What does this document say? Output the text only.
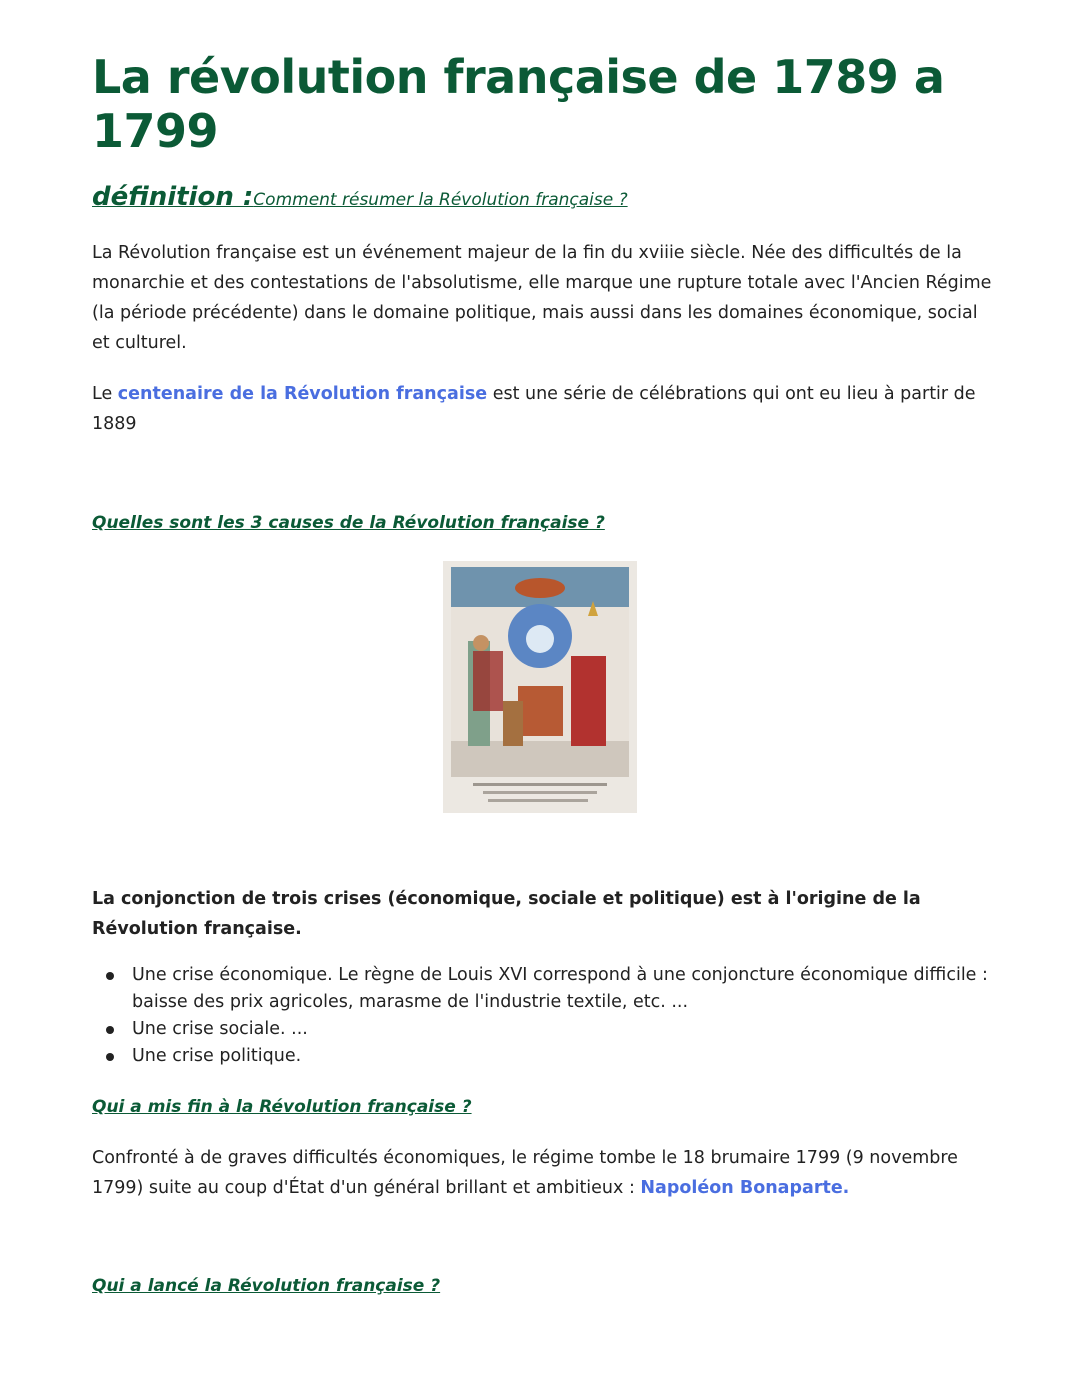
La révolution française de 1789 a 1799
définition :Comment résumer la Révolution française ?

La Révolution française est un événement majeur de la fin du xviiie siècle. Née des difficultés de la monarchie et des contestations de l'absolutisme, elle marque une rupture totale avec l'Ancien Régime (la période précédente) dans le domaine politique, mais aussi dans les domaines économique, social et culturel.

Le centenaire de la Révolution française est une série de célébrations qui ont eu lieu à partir de 1889

Quelles sont les 3 causes de la Révolution française ?

La conjonction de trois crises (économique, sociale et politique) est à l'origine de la Révolution française.

Une crise économique. Le règne de Louis XVI correspond à une conjoncture économique difficile : baisse des prix agricoles, marasme de l'industrie textile, etc. ...
Une crise sociale. ...
Une crise politique.
Qui a mis fin à la Révolution française ?

Confronté à de graves difficultés économiques, le régime tombe le 18 brumaire 1799 (9 novembre 1799) suite au coup d'État d'un général brillant et ambitieux : Napoléon Bonaparte.

Qui a lancé la Révolution française ?
